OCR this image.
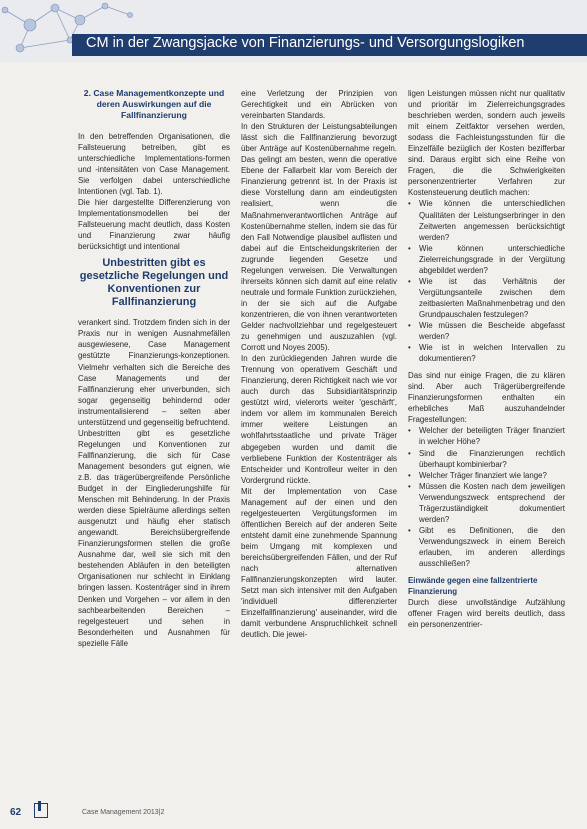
CM in der Zwangsjacke von Finanzierungs- und Versorgungslogiken
2. Case Managementkonzepte und deren Auswirkungen auf die Fallfinanzierung

In den betreffenden Organisationen, die Fallsteuerung betreiben, gibt es unterschiedliche Implementations-formen und -intensitäten von Case Management. Sie verfolgen dabei unterschiedliche Intentionen (vgl. Tab. 1).

Die hier dargestellte Differenzierung von Implementationsmodellen bei der Fallsteuerung macht deutlich, dass Kosten und Finanzierung zwar häufig berücksichtigt und intentional

Unbestritten gibt es gesetzliche Regelungen und Konventionen zur Fallfinanzierung

verankert sind. Trotzdem finden sich in der Praxis nur in wenigen Ausnahmefällen ausgewiesene, Case Management gestützte Finanzierungs-konzeptionen. Vielmehr verhalten sich die Bereiche des Case Managements und der Fallfinanzierung eher unverbunden, sich sogar gegenseitig behindernd oder instrumentalisierend – selten aber unterstützend und gegenseitig befruchtend.

Unbestritten gibt es gesetzliche Regelungen und Konventionen zur Fallfinanzierung, die sich für Case Management besonders gut eignen, wie z.B. das trägerübergreifende Persönliche Budget in der Eingliederungshilfe für Menschen mit Behinderung. In der Praxis werden diese Spielräume allerdings selten ausgenutzt und häufig eher statisch angewandt. Bereichsübergreifende Finanzierungsformen stellen die große Ausnahme dar, weil sie sich mit den bestehenden Abläufen in den beteiligten Organisationen nur schlecht in Einklang bringen lassen. Kostenträger sind in ihrem Denken und Vorgehen – vor allem in den sachbearbeitenden Bereichen – regelgesteuert und sehen in Besonderheiten und Ausnahmen für spezielle Fälle

eine Verletzung der Prinzipien von Gerechtigkeit und ein Abrücken von vereinbarten Standards.

In den Strukturen der Leistungsabteilungen lässt sich die Fallfinanzierung bevorzugt über Anträge auf Kostenübernahme regeln. Das gelingt am besten, wenn die operative Ebene der Fallarbeit klar vom Bereich der Finanzierung getrennt ist. In der Praxis ist diese Vorstellung dann am eindeutigsten realisiert, wenn die Maßnahmenverantwortlichen Anträge auf Kostenübernahme stellen, indem sie das für den Fall Notwendige plausibel auflisten und dabei auf die Entscheidungskriterien der zugrunde liegenden Gesetze und Regelungen verweisen. Die Verwaltungen ihrerseits können sich damit auf eine relativ neutrale und formale Funktion zurückziehen, in der sie sich auf die Aufgabe konzentrieren, die von ihnen verantworteten Gelder nachvollziehbar und regelgesteuert zu genehmigen und auszuzahlen (vgl. Corrott und Noyes 2005).

In den zurückliegenden Jahren wurde die Trennung von operativem Geschäft und Finanzierung, deren Richtigkeit nach wie vor auch durch das Subsidiaritätsprinzip gestützt wird, vielerorts weiter 'geschärft', indem vor allem im kommunalen Bereich immer weitere Leistungen an wohlfahrtsstaatliche und private Träger abgegeben wurden und damit die verbliebene Funktion der Kostenträger als Entscheider und Kontrolleur weiter in den Vordergrund rückte.

Mit der Implementation von Case Management auf der einen und den regelgesteuerten Vergütungsformen im öffentlichen Bereich auf der anderen Seite entsteht damit eine zunehmende Spannung beim Umgang mit komplexen und bereichsübergreifenden Fällen, und der Ruf nach alternativen Fallfinanzierungskonzepten wird lauter. Setzt man sich intensiver mit den Aufgaben 'individuell differenzierter Einzelfallfinanzierung' auseinander, wird die damit verbundene Anspruchlichkeit schnell deutlich. Die jewei-

ligen Leistungen müssen nicht nur qualitativ und prioritär im Zielerreichungsgrades beschrieben werden, sondern auch jeweils mit einem Zeitfaktor versehen werden, sodass die Fachleistungsstunden für die Einzelfälle bezüglich der Kosten bezifferbar sind. Daraus ergibt sich eine Reihe von Fragen, die die Schwierigkeiten personenzentrierter Verfahren zur Kostensteuerung deutlich machen:

• Wie können die unterschiedlichen Qualitäten der Leistungserbringer in den Zeitwerten angemessen berücksichtigt werden?
• Wie können unterschiedliche Zielerreichungsgrade in der Vergütung abgebildet werden?
• Wie ist das Verhältnis der Vergütungsanteile zwischen dem zeitbasierten Maßnahmenbetrag und den Grundpauschalen festzulegen?
• Wie müssen die Bescheide abgefasst werden?
• Wie ist in welchen Intervallen zu dokumentieren?

Das sind nur einige Fragen, die zu klären sind. Aber auch Trägerübergreifende Finanzierungsformen enthalten ein erhebliches Maß auszuhandelnder Fragestellungen:

• Welcher der beteiligten Träger finanziert in welcher Höhe?
• Sind die Finanzierungen rechtlich überhaupt kombinierbar?
• Welcher Träger finanziert wie lange?
• Müssen die Kosten nach dem jeweiligen Verwendungszweck entsprechend der Trägerzuständigkeit dokumentiert werden?
• Gibt es Definitionen, die den Verwendungszweck in einem Bereich erlauben, im anderen allerdings ausschließen?
Einwände gegen eine fallzentrierte Finanzierung

Durch diese unvollständige Aufzählung offener Fragen wird bereits deutlich, dass ein personenzentrier-

62	Case Management 2013|2
